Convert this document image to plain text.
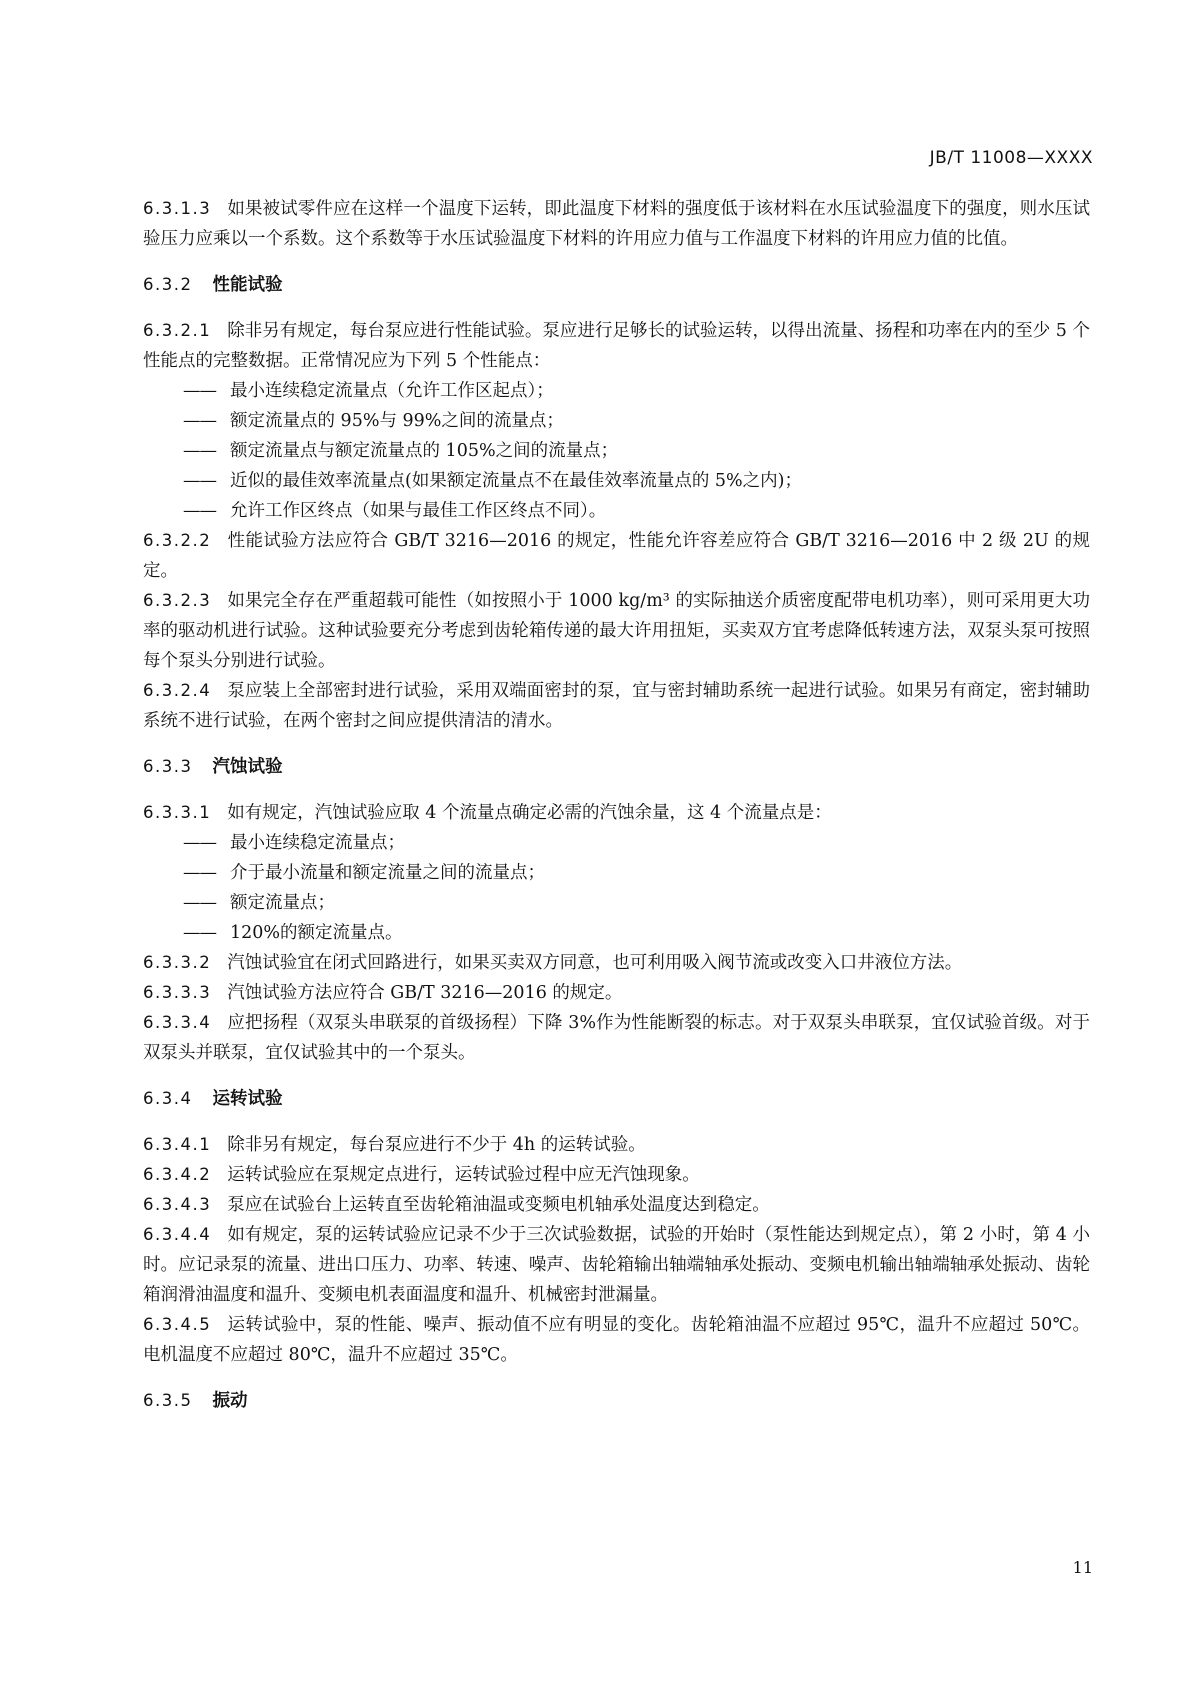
JB/T 11008—XXXX

6.3.1.3 如果被试零件应在这样一个温度下运转，即此温度下材料的强度低于该材料在水压试验温度下的强度，则水压试验压力应乘以一个系数。这个系数等于水压试验温度下材料的许用应力值与工作温度下材料的许用应力值的比值。

6.3.2 性能试验

6.3.2.1 除非另有规定，每台泵应进行性能试验。泵应进行足够长的试验运转，以得出流量、扬程和功率在内的至少 5 个性能点的完整数据。正常情况应为下列 5 个性能点：

—— 最小连续稳定流量点（允许工作区起点）；

—— 额定流量点的 95%与 99%之间的流量点；

—— 额定流量点与额定流量点的 105%之间的流量点；

—— 近似的最佳效率流量点(如果额定流量点不在最佳效率流量点的 5%之内)；

—— 允许工作区终点（如果与最佳工作区终点不同）。

6.3.2.2 性能试验方法应符合 GB/T 3216—2016 的规定，性能允许容差应符合 GB/T 3216—2016 中 2 级 2U 的规定。

6.3.2.3 如果完全存在严重超载可能性（如按照小于 1000 kg/m³ 的实际抽送介质密度配带电机功率），则可采用更大功率的驱动机进行试验。这种试验要充分考虑到齿轮箱传递的最大许用扭矩，买卖双方宜考虑降低转速方法，双泵头泵可按照每个泵头分别进行试验。

6.3.2.4 泵应装上全部密封进行试验，采用双端面密封的泵，宜与密封辅助系统一起进行试验。如果另有商定，密封辅助系统不进行试验，在两个密封之间应提供清洁的清水。

6.3.3 汽蚀试验

6.3.3.1 如有规定，汽蚀试验应取 4 个流量点确定必需的汽蚀余量，这 4 个流量点是：

—— 最小连续稳定流量点；

—— 介于最小流量和额定流量之间的流量点；

—— 额定流量点；

—— 120%的额定流量点。

6.3.3.2 汽蚀试验宜在闭式回路进行，如果买卖双方同意，也可利用吸入阀节流或改变入口井液位方法。

6.3.3.3 汽蚀试验方法应符合 GB/T 3216—2016 的规定。

6.3.3.4 应把扬程（双泵头串联泵的首级扬程）下降 3%作为性能断裂的标志。对于双泵头串联泵，宜仅试验首级。对于双泵头并联泵，宜仅试验其中的一个泵头。

6.3.4 运转试验

6.3.4.1 除非另有规定，每台泵应进行不少于 4h 的运转试验。

6.3.4.2 运转试验应在泵规定点进行，运转试验过程中应无汽蚀现象。

6.3.4.3 泵应在试验台上运转直至齿轮箱油温或变频电机轴承处温度达到稳定。

6.3.4.4 如有规定，泵的运转试验应记录不少于三次试验数据，试验的开始时（泵性能达到规定点），第 2 小时，第 4 小时。应记录泵的流量、进出口压力、功率、转速、噪声、齿轮箱输出轴端轴承处振动、变频电机输出轴端轴承处振动、齿轮箱润滑油温度和温升、变频电机表面温度和温升、机械密封泄漏量。

6.3.4.5 运转试验中，泵的性能、噪声、振动值不应有明显的变化。齿轮箱油温不应超过 95℃，温升不应超过 50℃。电机温度不应超过 80℃，温升不应超过 35℃。

6.3.5 振动
11
